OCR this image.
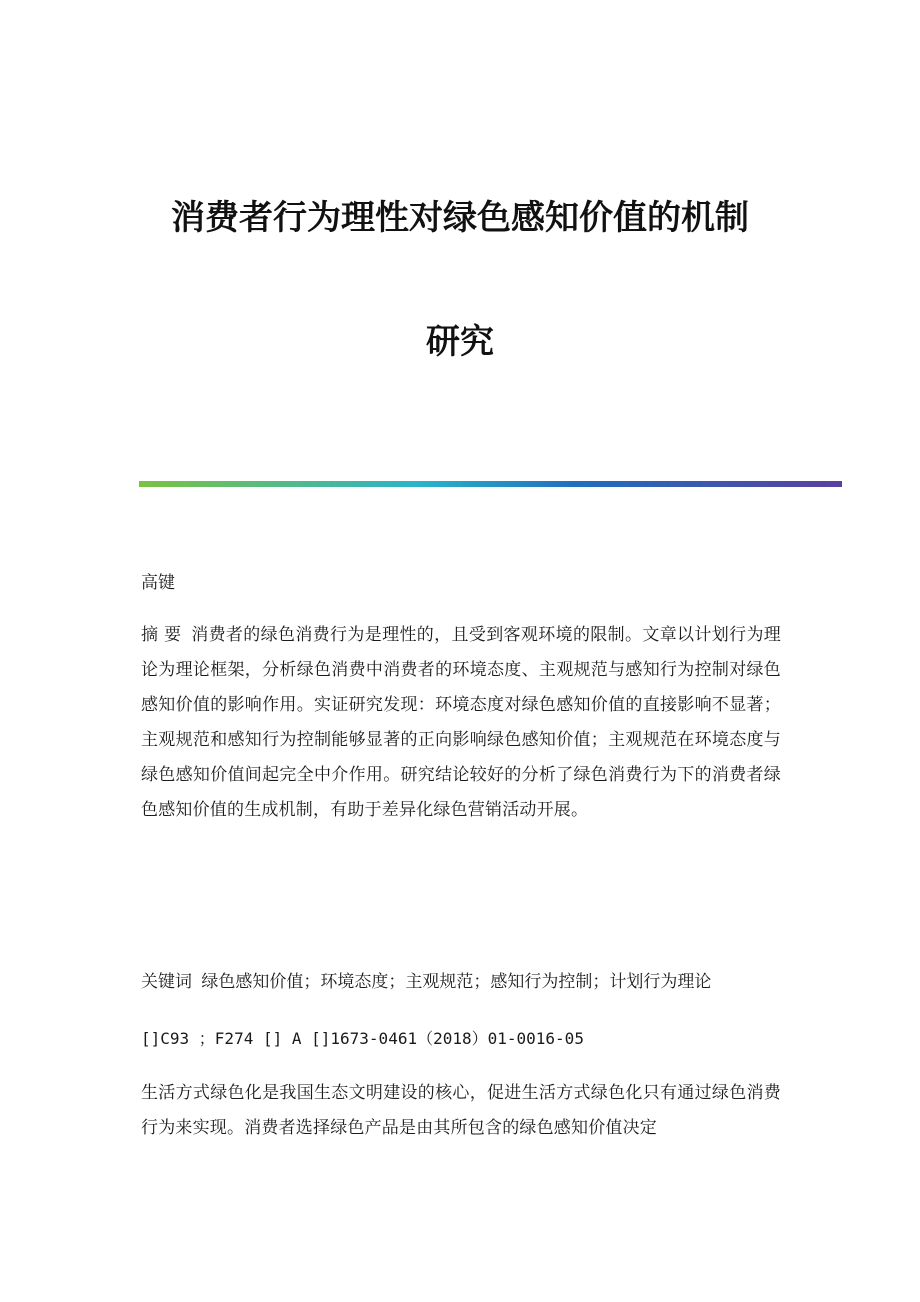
消费者行为理性对绿色感知价值的机制
研究

高键

摘 要 消费者的绿色消费行为是理性的，且受到客观环境的限制。文章以计划行为理论为理论框架，分析绿色消费中消费者的环境态度、主观规范与感知行为控制对绿色感知价值的影响作用。实证研究发现：环境态度对绿色感知价值的直接影响不显著；主观规范和感知行为控制能够显著的正向影响绿色感知价值；主观规范在环境态度与绿色感知价值间起完全中介作用。研究结论较好的分析了绿色消费行为下的消费者绿色感知价值的生成机制，有助于差异化绿色营销活动开展。

关键词 绿色感知价值；环境态度；主观规范；感知行为控制；计划行为理论

[]C93 ；F274 [] A []1673-0461（2018）01-0016-05

生活方式绿色化是我国生态文明建设的核心，促进生活方式绿色化只有通过绿色消费行为来实现。消费者选择绿色产品是由其所包含的绿色感知价值决定
